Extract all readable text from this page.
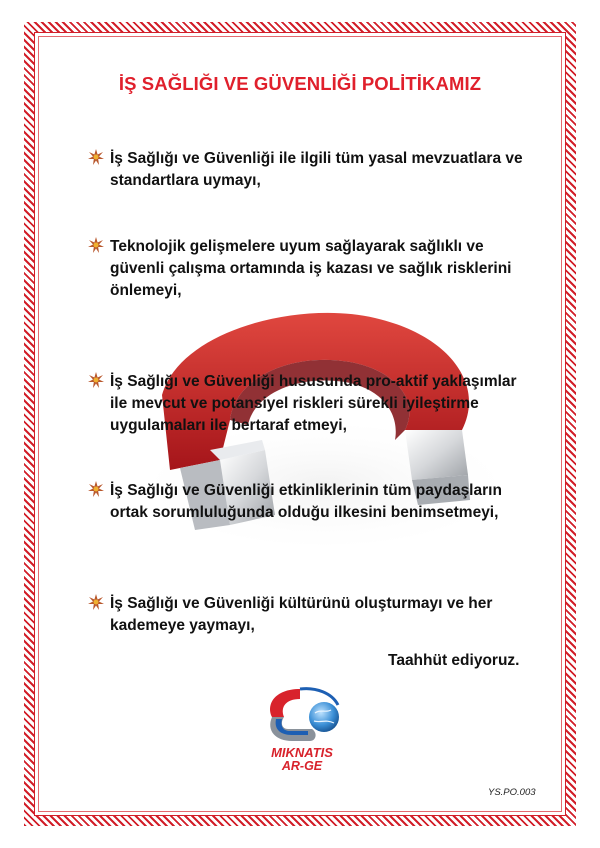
İŞ SAĞLIĞI VE GÜVENLİĞİ POLİTİKAMIZ
İş Sağlığı ve Güvenliği ile ilgili tüm yasal mevzuatlara ve
standartlara uymayı,
Teknolojik gelişmelere uyum sağlayarak sağlıklı ve
güvenli çalışma ortamında iş kazası ve sağlık risklerini
önlemeyi,
İş Sağlığı ve Güvenliği hususunda pro-aktif yaklaşımlar
ile mevcut ve potansiyel riskleri sürekli iyileştirme
uygulamaları ile bertaraf etmeyi,
İş Sağlığı ve Güvenliği etkinliklerinin tüm paydaşların
ortak sorumluluğunda olduğu ilkesini benimsetmeyi,
İş Sağlığı ve Güvenliği kültürünü oluşturmayı ve her
kademeye yaymayı,
Taahhüt ediyoruz.
MIKNATIS
AR-GE
YS.PO.003
